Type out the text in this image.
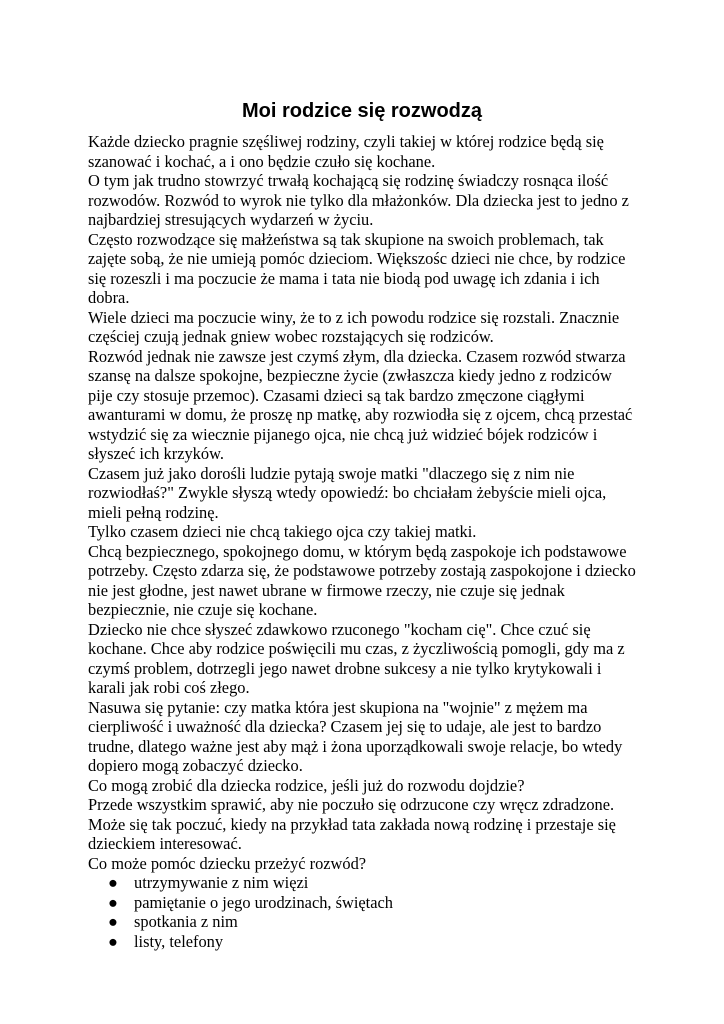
Moi rodzice się rozwodzą
Każde dziecko pragnie szęśliwej rodziny, czyli takiej w której rodzice będą się
szanować i kochać, a i ono będzie czuło się kochane.
O tym jak trudno stowrzyć trwałą kochającą się rodzinę świadczy rosnąca ilość
rozwodów. Rozwód to wyrok nie tylko dla młażonków. Dla dziecka jest to jedno z
najbardziej stresujących wydarzeń w życiu.
Często rozwodzące się małżeństwa są tak skupione na swoich problemach, tak
zajęte sobą, że nie umieją pomóc dzieciom. Większośc dzieci nie chce, by rodzice
się rozeszli i ma poczucie że mama i tata nie biodą pod uwagę ich zdania i ich
dobra.
Wiele dzieci ma poczucie winy, że to z ich powodu rodzice się rozstali. Znacznie
częściej czują jednak gniew wobec rozstających się rodziców.
Rozwód jednak nie zawsze jest czymś złym, dla dziecka. Czasem rozwód stwarza
szansę na dalsze spokojne, bezpieczne życie (zwłaszcza kiedy jedno z rodziców
pije czy stosuje przemoc). Czasami dzieci są tak bardzo zmęczone ciągłymi
awanturami w domu, że proszę np matkę, aby rozwiodła się z ojcem, chcą przestać
wstydzić się za wiecznie pijanego ojca, nie chcą już widzieć bójek rodziców i
słyszeć ich krzyków.
Czasem już jako dorośli ludzie pytają swoje matki "dlaczego się z nim nie
rozwiodłaś?" Zwykle słyszą wtedy opowiedź: bo chciałam żebyście mieli ojca,
mieli pełną rodzinę.
Tylko czasem dzieci nie chcą takiego ojca czy takiej matki.
Chcą bezpiecznego, spokojnego domu, w którym będą zaspokoje ich podstawowe
potrzeby. Często zdarza się, że podstawowe potrzeby zostają zaspokojone i dziecko
nie jest głodne, jest nawet ubrane w firmowe rzeczy, nie czuje się jednak
bezpiecznie, nie czuje się kochane.
Dziecko nie chce słyszeć zdawkowo rzuconego "kocham cię". Chce czuć się
kochane. Chce aby rodzice poświęcili mu czas, z życzliwością pomogli, gdy ma z
czymś problem, dotrzegli jego nawet drobne sukcesy a nie tylko krytykowali i
karali jak robi coś złego.
Nasuwa się pytanie: czy matka która jest skupiona na "wojnie" z mężem ma
cierpliwość i uważność dla dziecka? Czasem jej się to udaje, ale jest to bardzo
trudne, dlatego ważne jest aby mąż i żona uporządkowali swoje relacje, bo wtedy
dopiero mogą zobaczyć dziecko.
Co mogą zrobić dla dziecka rodzice, jeśli już do rozwodu dojdzie?
Przede wszystkim sprawić, aby nie poczuło się odrzucone czy wręcz zdradzone.
Może się tak poczuć, kiedy na przykład tata zakłada nową rodzinę i przestaje się
dzieckiem interesować.
Co może pomóc dziecku przeżyć rozwód?
● utrzymywanie z nim więzi
● pamiętanie o jego urodzinach, świętach
● spotkania z nim
● listy, telefony
